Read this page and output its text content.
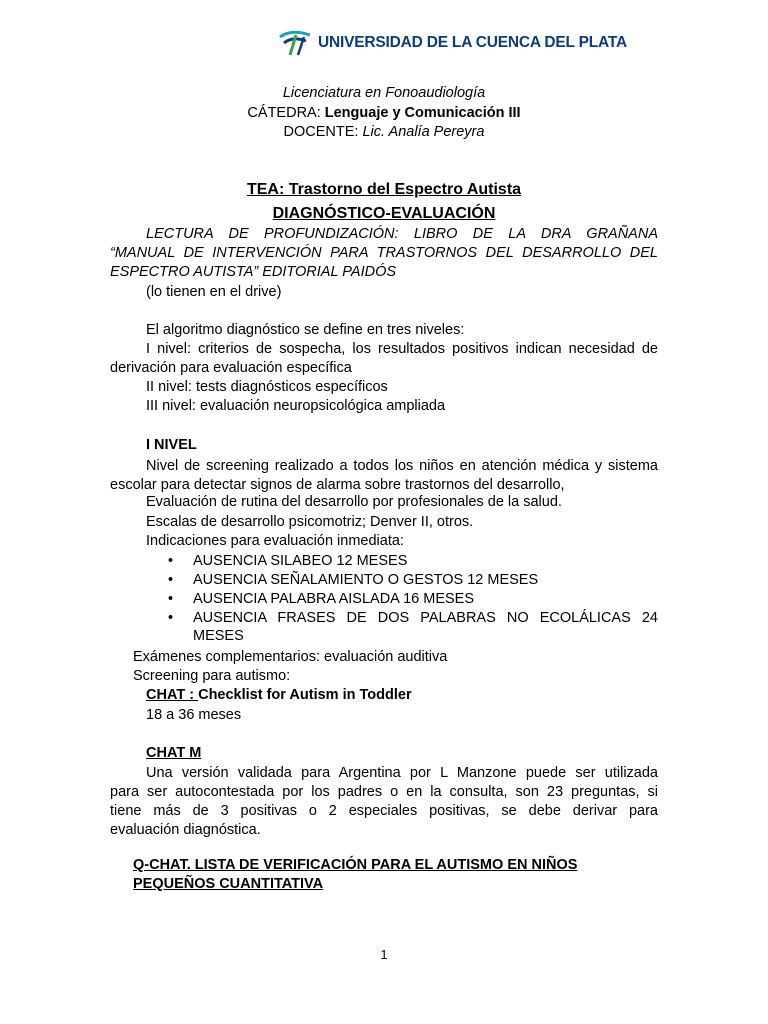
UNIVERSIDAD DE LA CUENCA DEL PLATA
Licenciatura en Fonoaudiología
CÁTEDRA: Lenguaje y Comunicación III
DOCENTE: Lic. Analía Pereyra
TEA: Trastorno del Espectro Autista
DIAGNÓSTICO-EVALUACIÓN
LECTURA DE PROFUNDIZACIÓN: LIBRO DE LA DRA GRAÑANA
“MANUAL DE INTERVENCIÓN PARA TRASTORNOS DEL DESARROLLO DEL
ESPECTRO AUTISTA” EDITORIAL PAIDÓS
(lo tienen en el drive)
El algoritmo diagnóstico se define en tres niveles:
I nivel: criterios de sospecha, los resultados positivos indican necesidad de
derivación para evaluación específica
II nivel: tests diagnósticos específicos
III nivel: evaluación neuropsicológica ampliada
I NIVEL
Nivel de screening realizado a todos los niños en atención médica y sistema
escolar para detectar signos de alarma sobre trastornos del desarrollo,
Evaluación de rutina del desarrollo por profesionales de la salud.
Escalas de desarrollo psicomotriz; Denver II, otros.
Indicaciones para evaluación inmediata:
AUSENCIA SILABEO 12 MESES
AUSENCIA SEÑALAMIENTO O GESTOS 12 MESES
AUSENCIA PALABRA AISLADA 16 MESES
AUSENCIA FRASES DE DOS PALABRAS NO ECOLÁLICAS 24
MESES
Exámenes complementarios: evaluación auditiva
Screening para autismo:
CHAT : Checklist for Autism in Toddler
18 a 36 meses
CHAT M
Una versión validada para Argentina por L Manzone puede ser utilizada
para ser autocontestada por los padres o en la consulta, son 23 preguntas, si
tiene más de 3 positivas o 2 especiales positivas, se debe derivar para
evaluación diagnóstica.
Q-CHAT. LISTA DE VERIFICACIÓN PARA EL AUTISMO EN NIÑOS
PEQUEÑOS CUANTITATIVA
1
